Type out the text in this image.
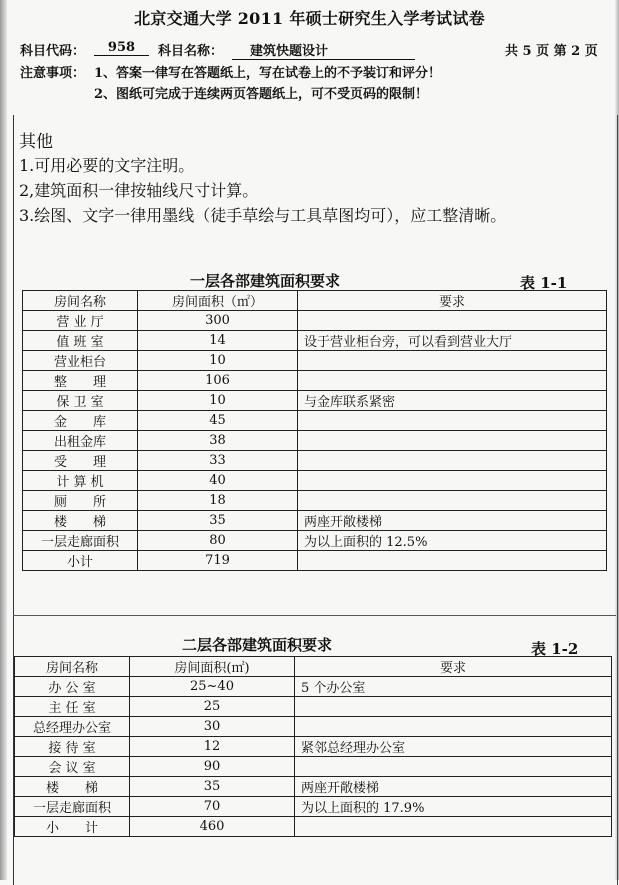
北京交通大学 2011 年硕士研究生入学考试试卷
科目代码：	958	科目名称：	建筑快题设计	共 5 页 第 2 页
注意事项： 1、答案一律写在答题纸上，写在试卷上的不予装订和评分！
2、图纸可完成于连续两页答题纸上，可不受页码的限制！
其他
1.可用必要的文字注明。
2,建筑面积一律按轴线尺寸计算。
3.绘图、文字一律用墨线（徒手草绘与工具草图均可），应工整清晰。
一层各部建筑面积要求	表 1-1
房间名称	房间面积（㎡）	要求
营 业 厅	300	
值 班 室	14	设于营业柜台旁，可以看到营业大厅
营业柜台	10	
整　　理	106	
保 卫 室	10	与金库联系紧密
金　　库	45	
出租金库	38	
受　　理	33	
计 算 机	40	
厕　　所	18	
楼　　梯	35	两座开敞楼梯
一层走廊面积	80	为以上面积的 12.5%
小计	719	
二层各部建筑面积要求	表 1-2
房间名称	房间面积(㎡)	要求
办 公 室	25~40	5 个办公室
主 任 室	25	
总经理办公室	30	
接 待 室	12	紧邻总经理办公室
会 议 室	90	
楼　　梯	35	两座开敞楼梯
一层走廊面积	70	为以上面积的 17.9%
小　　计	460	
